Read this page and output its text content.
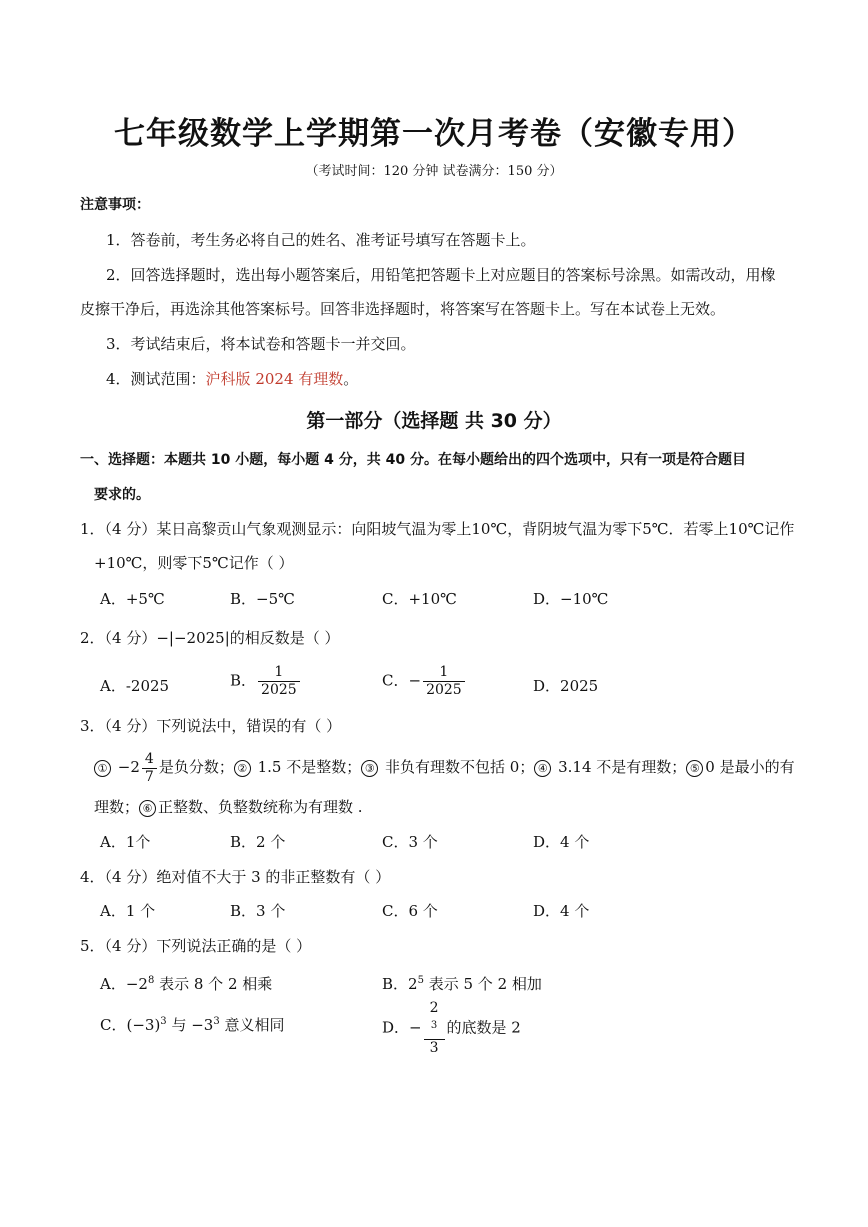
七年级数学上学期第一次月考卷（安徽专用）
（考试时间：120 分钟 试卷满分：150 分）
注意事项：
1．答卷前，考生务必将自己的姓名、准考证号填写在答题卡上。
2．回答选择题时，选出每小题答案后，用铅笔把答题卡上对应题目的答案标号涂黑。如需改动，用橡
皮擦干净后，再选涂其他答案标号。回答非选择题时，将答案写在答题卡上。写在本试卷上无效。
3．考试结束后，将本试卷和答题卡一并交回。
4．测试范围：沪科版 2024 有理数。
第一部分（选择题 共 30 分）
一、选择题：本题共 10 小题，每小题 4 分，共 40 分。在每小题给出的四个选项中，只有一项是符合题目
要求的。
1．（4 分）某日高黎贡山气象观测显示：向阳坡气温为零上10℃，背阴坡气温为零下5℃．若零上10℃记作
+10℃，则零下5℃记作（ ）
A．+5℃	B．−5℃	C．+10℃	D．−10℃
2．（4 分）−|−2025|的相反数是（ ）
A．-2025	B． $\frac{1}{2025}$	C．− $\frac{1}{2025}$	D．2025
3．（4 分）下列说法中，错误的有（ ）
① $-2 \frac{4}{7}$ 是负分数； ② 1.5 不是整数； ③ 非负有理数不包括 0； ④ 3.14 不是有理数； ⑤ 0 是最小的有
理数； ⑥ 正整数、负整数统称为有理数 .
A．1个	B．2 个	C．3 个	D．4 个
4．（4 分）绝对值不大于 3 的非正整数有（ ）
A．1 个	B．3 个	C．6 个	D．4 个
5．（4 分）下列说法正确的是（ ）
A．$-2^8$ 表示 8 个 2 相乘	B．$2^5$ 表示 5 个 2 相加
C．$(-3)^3$ 与 $-3^3$ 意义相同	D．− 2
$^3$
3 的底数是 2
